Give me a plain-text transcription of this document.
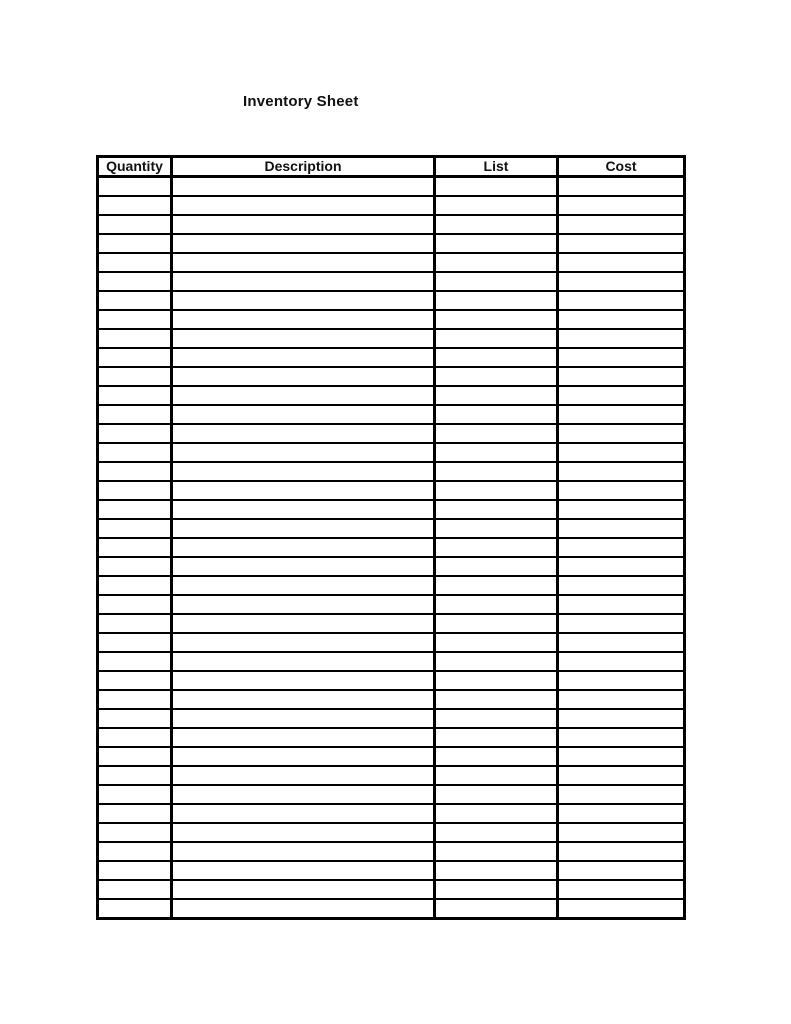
Inventory Sheet
Quantity	Description	List	Cost
